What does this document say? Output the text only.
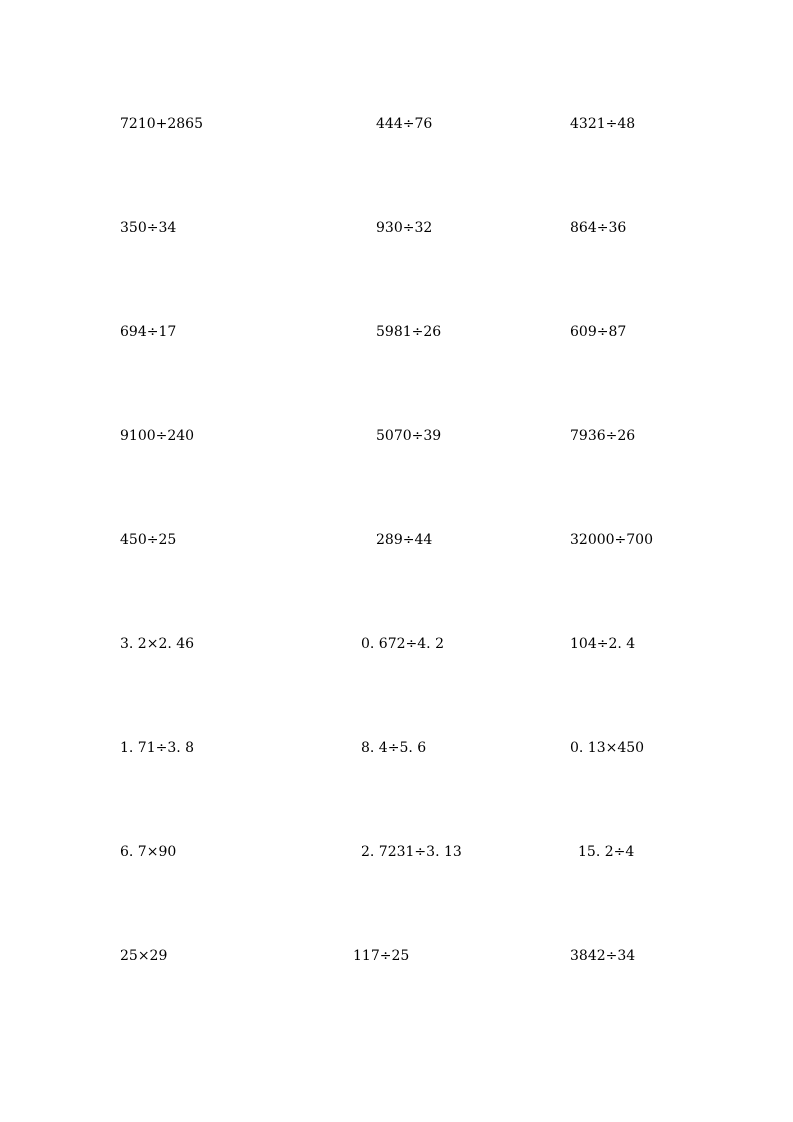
7210+2865	444÷76	4321÷48
350÷34	930÷32	864÷36
694÷17	5981÷26	609÷87
9100÷240	5070÷39	7936÷26
450÷25	289÷44	32000÷700
3. 2×2. 46	0. 672÷4. 2	104÷2. 4
1. 71÷3. 8	8. 4÷5. 6	0. 13×450
6. 7×90	2. 7231÷3. 13	15. 2÷4
25×29	117÷25	3842÷34
